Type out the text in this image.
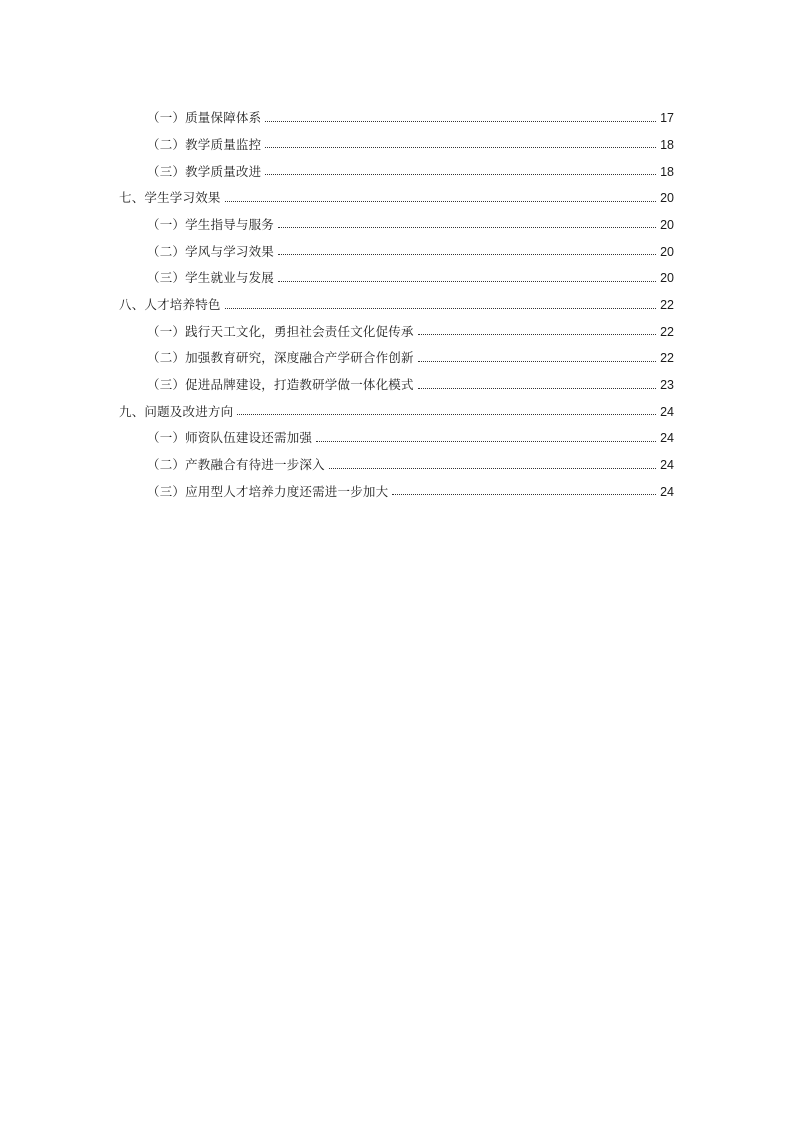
（一）质量保障体系	17
（二）教学质量监控	18
（三）教学质量改进	18
七、学生学习效果	20
（一）学生指导与服务	20
（二）学风与学习效果	20
（三）学生就业与发展	20
八、人才培养特色	22
（一）践行天工文化，勇担社会责任文化促传承	22
（二）加强教育研究，深度融合产学研合作创新	22
（三）促进品牌建设，打造教研学做一体化模式	23
九、问题及改进方向	24
（一）师资队伍建设还需加强	24
（二）产教融合有待进一步深入	24
（三）应用型人才培养力度还需进一步加大	24
